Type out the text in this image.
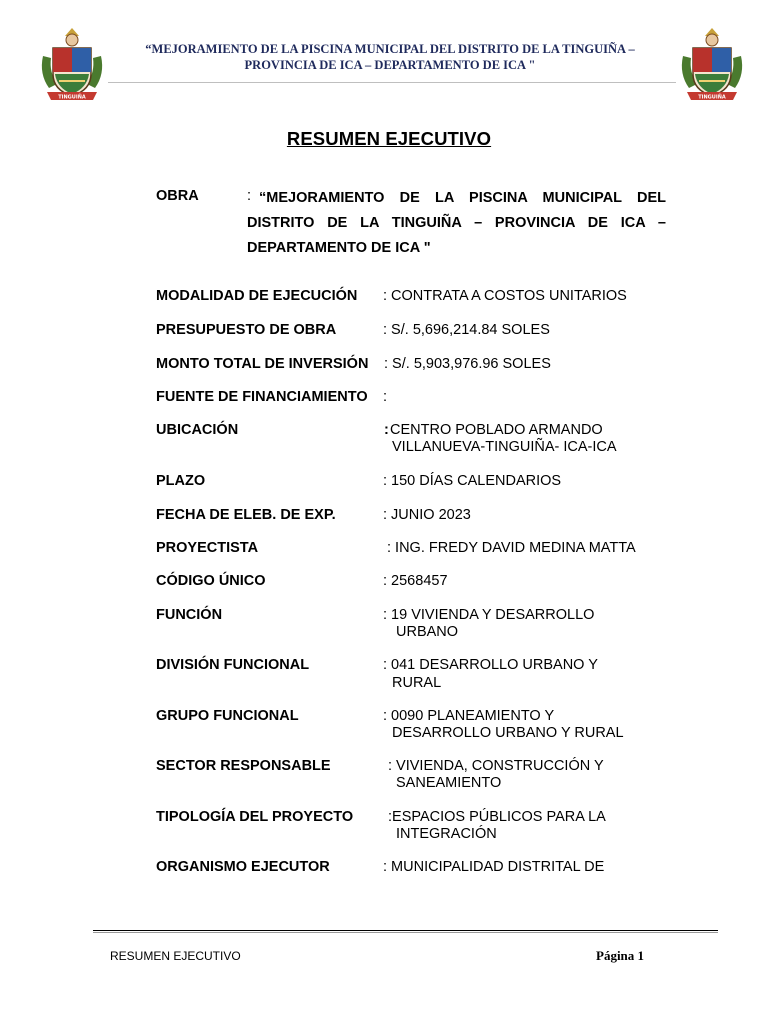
TINGUIÑA	TINGUIÑA
“MEJORAMIENTO DE LA PISCINA MUNICIPAL DEL DISTRITO DE LA TINGUIÑA –
PROVINCIA DE ICA – DEPARTAMENTO DE ICA "
RESUMEN EJECUTIVO
OBRA	: “MEJORAMIENTO DE LA PISCINA MUNICIPAL DEL DISTRITO DE LA TINGUIÑA – PROVINCIA DE ICA – DEPARTAMENTO DE ICA "
MODALIDAD DE EJECUCIÓN : CONTRATA A COSTOS UNITARIOS
PRESUPUESTO DE OBRA	: S/. 5,696,214.84 SOLES
MONTO TOTAL DE INVERSIÓN : S/. 5,903,976.96 SOLES
FUENTE DE FINANCIAMIENTO :
UBICACIÓN	: CENTRO POBLADO ARMANDO
VILLANUEVA-TINGUIÑA- ICA-ICA
PLAZO	: 150 DÍAS CALENDARIOS
FECHA DE ELEB. DE EXP.	: JUNIO 2023
PROYECTISTA	: ING. FREDY DAVID MEDINA MATTA
CÓDIGO ÚNICO	: 2568457
FUNCIÓN	: 19 VIVIENDA Y DESARROLLO
URBANO
DIVISIÓN FUNCIONAL	: 041 DESARROLLO URBANO Y
RURAL
GRUPO FUNCIONAL	: 0090 PLANEAMIENTO Y
DESARROLLO URBANO Y RURAL
SECTOR RESPONSABLE	: VIVIENDA, CONSTRUCCIÓN Y
SANEAMIENTO
TIPOLOGÍA DEL PROYECTO :ESPACIOS PÚBLICOS PARA LA
INTEGRACIÓN
ORGANISMO EJECUTOR	: MUNICIPALIDAD DISTRITAL DE
RESUMEN EJECUTIVO	Página 1
